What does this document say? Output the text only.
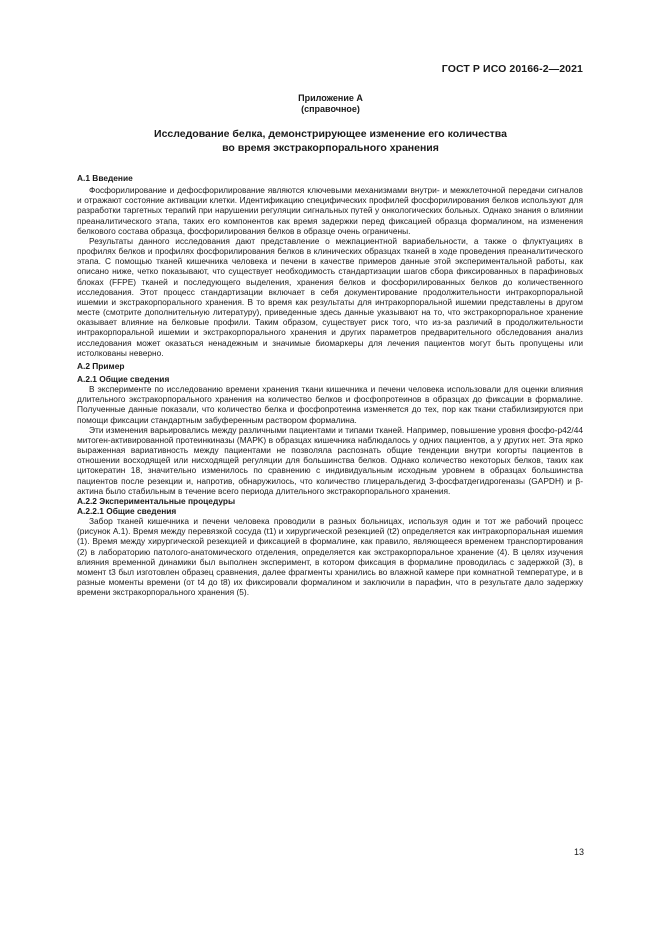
ГОСТ Р ИСО 20166-2—2021
Приложение А
(справочное)
Исследование белка, демонстрирующее изменение его количества
во время экстракорпорального хранения

А.1 Введение

Фосфорилирование и дефосфорилирование являются ключевыми механизмами внутри- и межклеточной передачи сигналов и отражают состояние активации клетки. Идентификацию специфических профилей фосфорилирования белков используют для разработки таргетных терапий при нарушении регуляции сигнальных путей у онкологических больных. Однако знания о влиянии преаналитического этапа, таких его компонентов как время задержки перед фиксацией образца формалином, на изменения белкового состава образца, фосфорилирования белков в образце очень ограничены.

Результаты данного исследования дают представление о межпациентной вариабельности, а также о флуктуациях в профилях белков и профилях фосфорилирования белков в клинических образцах тканей в ходе проведения преаналитического этапа. С помощью тканей кишечника человека и печени в качестве примеров данные этой экспериментальной работы, как описано ниже, четко показывают, что существует необходимость стандартизации шагов сбора фиксированных в парафиновых блоках (FFPE) тканей и последующего выделения, хранения белков и фосфорилированных белков до количественного исследования. Этот процесс стандартизации включает в себя документирование продолжительности интракорпоральной ишемии и экстракорпорального хранения. В то время как результаты для интракорпоральной ишемии представлены в другом месте (смотрите дополнительную литературу), приведенные здесь данные указывают на то, что экстракорпоральное хранение оказывает влияние на белковые профили. Таким образом, существует риск того, что из-за различий в продолжительности интракорпоральной ишемии и экстракорпорального хранения и других параметров предварительного обследования анализ исследования может оказаться ненадежным и значимые биомаркеры для лечения пациентов могут быть пропущены или истолкованы неверно.

А.2 Пример

А.2.1 Общие сведения

В эксперименте по исследованию времени хранения ткани кишечника и печени человека использовали для оценки влияния длительного экстракорпорального хранения на количество белков и фосфопротеинов в образцах до фиксации в формалине. Полученные данные показали, что количество белка и фосфопротеина изменяется до тех, пор как ткани стабилизируются при помощи фиксации стандартным забуференным раствором формалина.

Эти изменения варьировались между различными пациентами и типами тканей. Например, повышение уровня фосфо-р42/44 митоген-активированной протеинкиназы (MAPK) в образцах кишечника наблюдалось у одних пациентов, а у других нет. Эта ярко выраженная вариативность между пациентами не позволяла распознать общие тенденции внутри когорты пациентов в отношении восходящей или нисходящей регуляции для большинства белков. Однако количество некоторых белков, таких как цитокератин 18, значительно изменилось по сравнению с индивидуальным исходным уровнем в образцах большинства пациентов после резекции и, напротив, обнаружилось, что количество глицеральдегид 3-фосфатдегидрогеназы (GAPDH) и β-актина было стабильным в течение всего периода длительного экстракорпорального хранения.

А.2.2 Экспериментальные процедуры

А.2.2.1 Общие сведения

Забор тканей кишечника и печени человека проводили в разных больницах, используя один и тот же рабочий процесс (рисунок А.1). Время между перевязкой сосуда (t1) и хирургической резекцией (t2) определяется как интракорпоральная ишемия (1). Время между хирургической резекцией и фиксацией в формалине, как правило, являющееся временем транспортирования (2) в лабораторию патолого-анатомического отделения, определяется как экстракорпоральное хранение (4). В целях изучения влияния временной динамики был выполнен эксперимент, в котором фиксация в формалине проводилась с задержкой (3), в момент t3 был изготовлен образец сравнения, далее фрагменты хранились во влажной камере при комнатной температуре, и в разные моменты времени (от t4 до t8) их фиксировали формалином и заключили в парафин, что в результате дало задержку времени экстракорпорального хранения (5).

13
